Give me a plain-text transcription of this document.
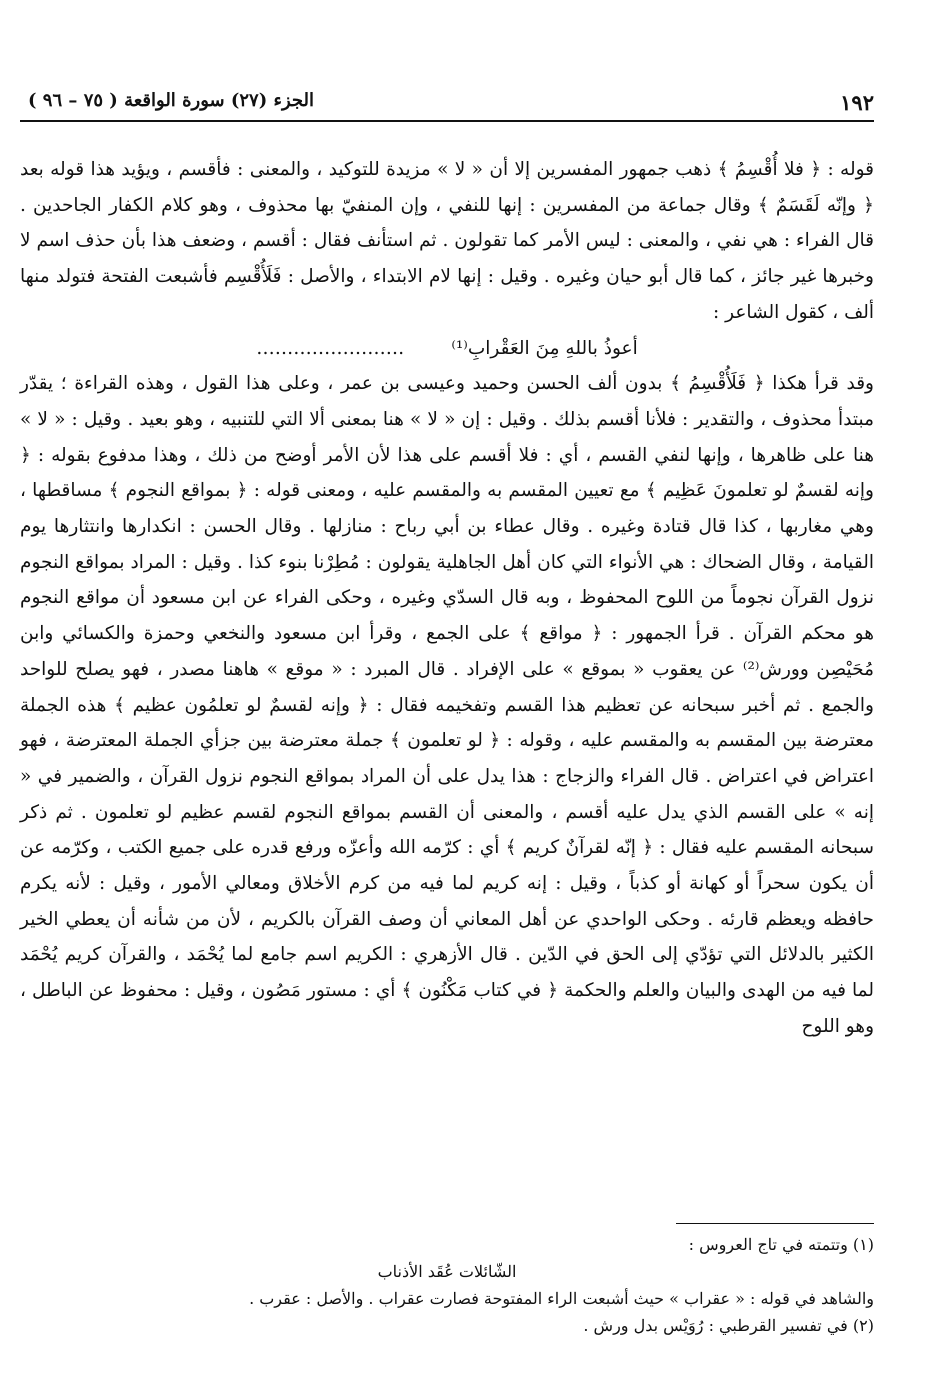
١٩٢
الجزء (٢٧) سورة الواقعة ( ٧٥ – ٩٦ )

قوله : ﴿ فلا أُقْسِمُ ﴾ ذهب جمهور المفسرين إلا أن « لا » مزيدة للتوكيد ، والمعنى : فأقسم ، ويؤيد هذا قوله بعد ﴿ وإنّه لَقَسَمٌ ﴾ وقال جماعة من المفسرين : إنها للنفي ، وإن المنفيّ بها محذوف ، وهو كلام الكفار الجاحدين . قال الفراء : هي نفي ، والمعنى : ليس الأمر كما تقولون . ثم استأنف فقال : أقسم ، وضعف هذا بأن حذف اسم لا وخبرها غير جائز ، كما قال أبو حيان وغيره . وقيل : إنها لام الابتداء ، والأصل : فَلَأُقْسِم فأشبعت الفتحة فتولد منها ألف ، كقول الشاعر :

أعوذُ باللهِ مِنَ العَقْرابِ⁽¹⁾        ……………………

وقد قرأ هكذا ﴿ فَلَأُقْسِمُ ﴾ بدون ألف الحسن وحميد وعيسى بن عمر ، وعلى هذا القول ، وهذه القراءة ؛ يقدّر مبتدأ محذوف ، والتقدير : فلأنا أقسم بذلك . وقيل : إن « لا » هنا بمعنى ألا التي للتنبيه ، وهو بعيد . وقيل : « لا » هنا على ظاهرها ، وإنها لنفي القسم ، أي : فلا أقسم على هذا لأن الأمر أوضح من ذلك ، وهذا مدفوع بقوله : ﴿ وإنه لقسمٌ لو تعلمونَ عَظِيم ﴾ مع تعيين المقسم به والمقسم عليه ، ومعنى قوله : ﴿ بمواقع النجوم ﴾ مساقطها ، وهي مغاربها ، كذا قال قتادة وغيره . وقال عطاء بن أبي رباح : منازلها . وقال الحسن : انكدارها وانتثارها يوم القيامة ، وقال الضحاك : هي الأنواء التي كان أهل الجاهلية يقولون : مُطِرْنا بنوء كذا . وقيل : المراد بمواقع النجوم نزول القرآن نجوماً من اللوح المحفوظ ، وبه قال السدّي وغيره ، وحكى الفراء عن ابن مسعود أن مواقع النجوم هو محكم القرآن . قرأ الجمهور : ﴿ مواقع ﴾ على الجمع ، وقرأ ابن مسعود والنخعي وحمزة والكسائي وابن مُحَيْصِن وورش⁽²⁾ عن يعقوب « بموقع » على الإفراد . قال المبرد : « موقع » هاهنا مصدر ، فهو يصلح للواحد والجمع . ثم أخبر سبحانه عن تعظيم هذا القسم وتفخيمه فقال : ﴿ وإنه لقسمٌ لو تعلمُون عظيم ﴾ هذه الجملة معترضة بين المقسم به والمقسم عليه ، وقوله : ﴿ لو تعلمون ﴾ جملة معترضة بين جزأي الجملة المعترضة ، فهو اعتراض في اعتراض . قال الفراء والزجاج : هذا يدل على أن المراد بمواقع النجوم نزول القرآن ، والضمير في « إنه » على القسم الذي يدل عليه أقسم ، والمعنى أن القسم بمواقع النجوم لقسم عظيم لو تعلمون . ثم ذكر سبحانه المقسم عليه فقال : ﴿ إنّه لقرآنٌ كريم ﴾ أي : كرّمه الله وأعزّه ورفع قدره على جميع الكتب ، وكرّمه عن أن يكون سحراً أو كهانة أو كذباً ، وقيل : إنه كريم لما فيه من كرم الأخلاق ومعالي الأمور ، وقيل : لأنه يكرم حافظه ويعظم قارئه . وحكى الواحدي عن أهل المعاني أن وصف القرآن بالكريم ، لأن من شأنه أن يعطي الخير الكثير بالدلائل التي تؤدّي إلى الحق في الدّين . قال الأزهري : الكريم اسم جامع لما يُحْمَد ، والقرآن كريم يُحْمَد لما فيه من الهدى والبيان والعلم والحكمة ﴿ في كتاب مَكْنُون ﴾ أي : مستور مَصُون ، وقيل : محفوظ عن الباطل ، وهو اللوح

(١) وتتمته في تاج العروس :

الشّائلات عُقَد الأذناب

والشاهد في قوله : « عقراب » حيث أشبعت الراء المفتوحة فصارت عقراب . والأصل : عقرب .

(٢) في تفسير القرطبي : رُوَيْس بدل ورش .
